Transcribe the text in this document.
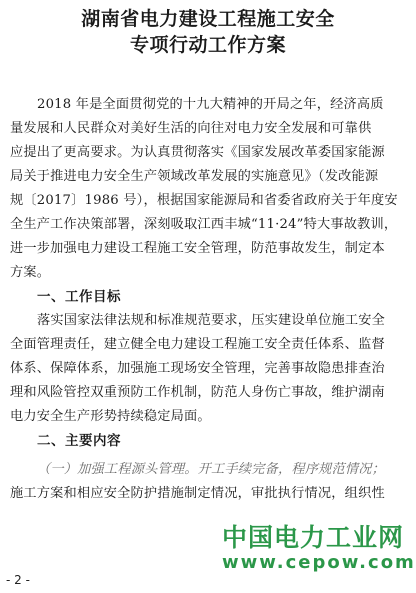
湖南省电力建设工程施工安全
专项行动工作方案
2018 年是全面贯彻党的十九大精神的开局之年，经济高质
量发展和人民群众对美好生活的向往对电力安全发展和可靠供
应提出了更高要求。为认真贯彻落实《国家发展改革委国家能源
局关于推进电力安全生产领域改革发展的实施意见》（发改能源
规〔2017〕1986 号），根据国家能源局和省委省政府关于年度安
全生产工作决策部署，深刻吸取江西丰城“11·24”特大事故教训，
进一步加强电力建设工程施工安全管理，防范事故发生，制定本
方案。
一、工作目标
落实国家法律法规和标准规范要求，压实建设单位施工安全
全面管理责任，建立健全电力建设工程施工安全责任体系、监督
体系、保障体系，加强施工现场安全管理，完善事故隐患排查治
理和风险管控双重预防工作机制，防范人身伤亡事故，维护湖南
电力安全生产形势持续稳定局面。
二、主要内容
（一）加强工程源头管理。开工手续完备，程序规范情况；
施工方案和相应安全防护措施制定情况，审批执行情况，组织性
中国电力工业网
www.cepow.com
- 2 -
